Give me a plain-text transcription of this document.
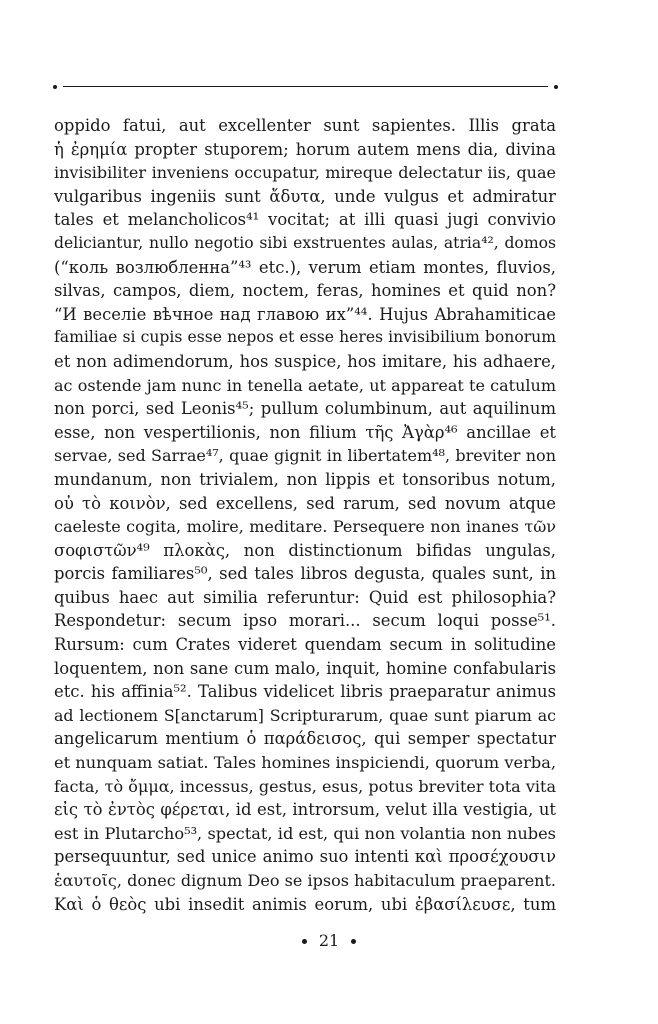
oppido fatui, aut excellenter sunt sapientes. Illis grata
ἡ ἐρημία propter stuporem; horum autem mens dia, divina
invisibiliter inveniens occupatur, mireque delectatur iis, quae
vulgaribus ingeniis sunt ἄδυτα, unde vulgus et admiratur
tales et melancholicos⁴¹ vocitat; at illi quasi jugi convivio
deliciantur, nullo negotio sibi exstruentes aulas, atria⁴², domos
(“коль возлюбленна”⁴³ etc.), verum etiam montes, fluvios,
silvas, campos, diem, noctem, feras, homines et quid non?
“И веселіе вѣчное над главою их”⁴⁴. Hujus Abrahamiticae
familiae si cupis esse nepos et esse heres invisibilium bonorum
et non adimendorum, hos suspice, hos imitare, his adhaere,
ac ostende jam nunc in tenella aetate, ut appareat te catulum
non porci, sed Leonis⁴⁵; pullum columbinum, aut aquilinum
esse, non vespertilionis, non filium τῆς Ἀγὰρ⁴⁶ ancillae et
servae, sed Sarrae⁴⁷, quae gignit in libertatem⁴⁸, breviter non
mundanum, non trivialem, non lippis et tonsoribus notum,
οὐ τὸ κοινὸν, sed excellens, sed rarum, sed novum atque
caeleste cogita, molire, meditare. Persequere non inanes τῶν
σοφιστῶν⁴⁹ πλοκὰς, non distinctionum bifidas ungulas,
porcis familiares⁵⁰, sed tales libros degusta, quales sunt, in
quibus haec aut similia referuntur: Quid est philosophia?
Respondetur: secum ipso morari... secum loqui posse⁵¹.
Rursum: cum Crates videret quendam secum in solitudine
loquentem, non sane cum malo, inquit, homine confabularis
etc. his affinia⁵². Talibus videlicet libris praeparatur animus
ad lectionem S[anctarum] Scripturarum, quae sunt piarum ac
angelicarum mentium ὁ παράδεισος, qui semper spectatur
et nunquam satiat. Tales homines inspiciendi, quorum verba,
facta, τὸ ὄμμα, incessus, gestus, esus, potus breviter tota vita
εἰς τὸ ἐντὸς φέρεται, id est, introrsum, velut illa vestigia, ut
est in Plutarcho⁵³, spectat, id est, qui non volantia non nubes
persequuntur, sed unice animo suo intenti καὶ προσέχουσιν
ἑαυτοῖς, donec dignum Deo se ipsos habitaculum praeparent.
Καὶ ὁ θεὸς ubi insedit animis eorum, ubi ἐβασίλευσε, tum
21
